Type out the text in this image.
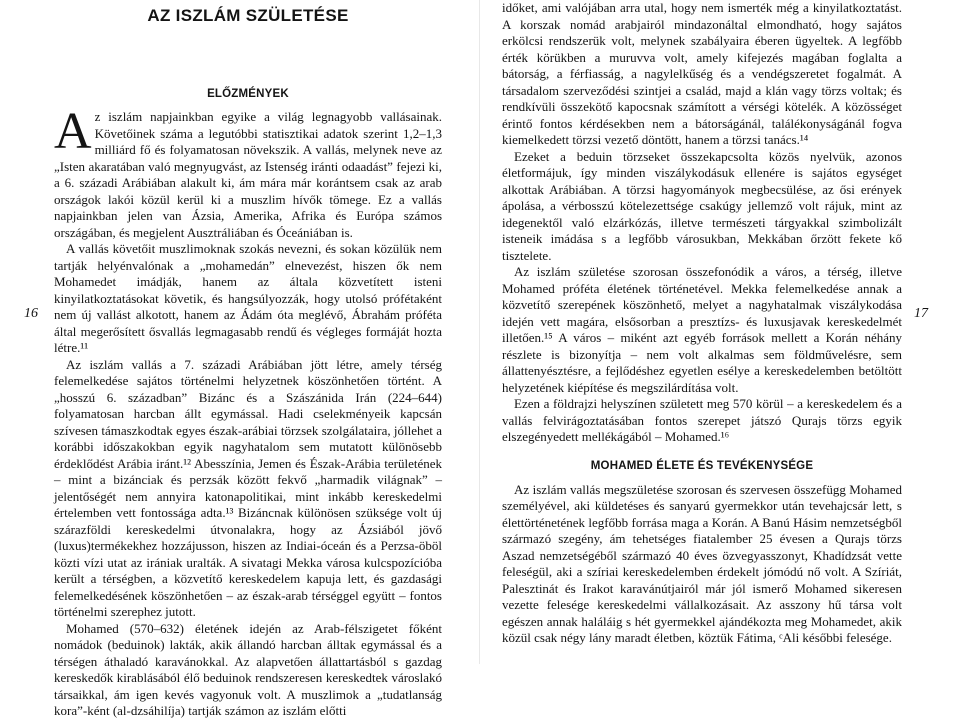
16
AZ ISZLÁM SZÜLETÉSE
ELŐZMÉNYEK

Az iszlám napjainkban egyike a világ legnagyobb vallásainak. Követőinek száma a legutóbbi statisztikai adatok szerint 1,2–1,3 milliárd fő és folyamatosan növekszik. A vallás, melynek neve az „Isten akaratában való megnyugvást, az Istenség iránti odaadást” fejezi ki, a 6. századi Arábiában alakult ki, ám mára már korántsem csak az arab országok lakói közül kerül ki a muszlim hívők tömege. Ez a vallás napjainkban jelen van Ázsia, Amerika, Afrika és Európa számos országában, és megjelent Ausztráliában és Óceániában is.

A vallás követőit muszlimoknak szokás nevezni, és sokan közülük nem tartják helyénvalónak a „mohamedán” elnevezést, hiszen ők nem Mohamedet imádják, hanem az általa közvetített isteni kinyilatkoztatásokat követik, és hangsúlyozzák, hogy utolsó prófétaként nem új vallást alkotott, hanem az Ádám óta meglévő, Ábrahám próféta által megerősített ősvallás legmagasabb rendű és végleges formáját hozta létre.¹¹

Az iszlám vallás a 7. századi Arábiában jött létre, amely térség felemelkedése sajátos történelmi helyzetnek köszönhetően történt. A „hosszú 6. században” Bizánc és a Szászánida Irán (224–644) folyamatosan harcban állt egymással. Hadi cselekményeik kapcsán szívesen támaszkodtak egyes észak-arábiai törzsek szolgálataira, jóllehet a korábbi időszakokban egyik nagyhatalom sem mutatott különösebb érdeklődést Arábia iránt.¹² Abesszínia, Jemen és Észak-Arábia területének – mint a bizánciak és perzsák között fekvő „harmadik világnak” – jelentőségét nem annyira katonapolitikai, mint inkább kereskedelmi értelemben vett fontossága adta.¹³ Bizáncnak különösen szüksége volt új szárazföldi kereskedelmi útvonalakra, hogy az Ázsiából jövő (luxus)termékekhez hozzájusson, hiszen az Indiai-óceán és a Perzsa-öböl közti vízi utat az irániak uralták. A sivatagi Mekka városa kulcspozícióba került a térségben, a közvetítő kereskedelem kapuja lett, és gazdasági felemelkedésének köszönhetően – az észak-arab térséggel együtt – fontos történelmi szerephez jutott.

Mohamed (570–632) életének idején az Arab-félszigetet főként nomádok (beduinok) lakták, akik állandó harcban álltak egymással és a térségen áthaladó karavánokkal. Az alapvetően állattartásból s gazdag kereskedők kirablásából élő beduinok rendszeresen kereskedtek városlakó társaikkal, ám igen kevés vagyonuk volt. A muszlimok a „tudatlanság kora”-ként (al-dzsáhilíja) tartják számon az iszlám előtti

17

időket, ami valójában arra utal, hogy nem ismerték még a kinyilatkoztatást. A korszak nomád arabjairól mindazonáltal elmondható, hogy sajátos erkölcsi rendszerük volt, melynek szabályaira éberen ügyeltek. A legfőbb érték körükben a muruvva volt, amely kifejezés magában foglalta a bátorság, a férfiasság, a nagylelkűség és a vendégszeretet fogalmát. A társadalom szerveződési szintjei a család, majd a klán vagy törzs voltak; és rendkívüli összekötő kapocsnak számított a vérségi kötelék. A közösséget érintő fontos kérdésekben nem a bátorságánál, találékonyságánál fogva kiemelkedett törzsi vezető döntött, hanem a törzsi tanács.¹⁴

Ezeket a beduin törzseket összekapcsolta közös nyelvük, azonos életformájuk, így minden viszálykodásuk ellenére is sajátos egységet alkottak Arábiában. A törzsi hagyományok megbecsülése, az ősi erények ápolása, a vérbosszú kötelezettsége csakúgy jellemző volt rájuk, mint az idegenektől való elzárkózás, illetve természeti tárgyakkal szimbolizált isteneik imádása s a legfőbb városukban, Mekkában őrzött fekete kő tisztelete.

Az iszlám születése szorosan összefonódik a város, a térség, illetve Mohamed próféta életének történetével. Mekka felemelkedése annak a közvetítő szerepének köszönhető, melyet a nagyhatalmak viszálykodása idején vett magára, elsősorban a presztízs- és luxusjavak kereskedelmét illetően.¹⁵ A város – miként azt egyéb források mellett a Korán néhány részlete is bizonyítja – nem volt alkalmas sem földművelésre, sem állattenyésztésre, a fejlődéshez egyetlen esélye a kereskedelemben betöltött helyzetének kiépítése és megszilárdítása volt.

Ezen a földrajzi helyszínen született meg 570 körül – a kereskedelem és a vallás felvirágoztatásában fontos szerepet játszó Qurajs törzs egyik elszegényedett mellékágából – Mohamed.¹⁶

MOHAMED ÉLETE ÉS TEVÉKENYSÉGE

Az iszlám vallás megszületése szorosan és szervesen összefügg Mohamed személyével, aki küldetéses és sanyarú gyermekkor után tevehajcsár lett, s élettörténetének legfőbb forrása maga a Korán. A Banú Hásim nemzetségből származó szegény, ám tehetséges fiatalember 25 évesen a Qurajs törzs Aszad nemzetségéből származó 40 éves özvegyasszonyt, Khadídzsát vette feleségül, aki a szíriai kereskedelemben érdekelt jómódú nő volt. A Szíriát, Palesztinát és Irakot karavánútjairól már jól ismerő Mohamed sikeresen vezette felesége kereskedelmi vállalkozásait. Az asszony hű társa volt egészen annak haláláig s hét gyermekkel ajándékozta meg Mohamedet, akik közül csak négy lány maradt életben, köztük Fátima, ᶜAli későbbi felesége.
